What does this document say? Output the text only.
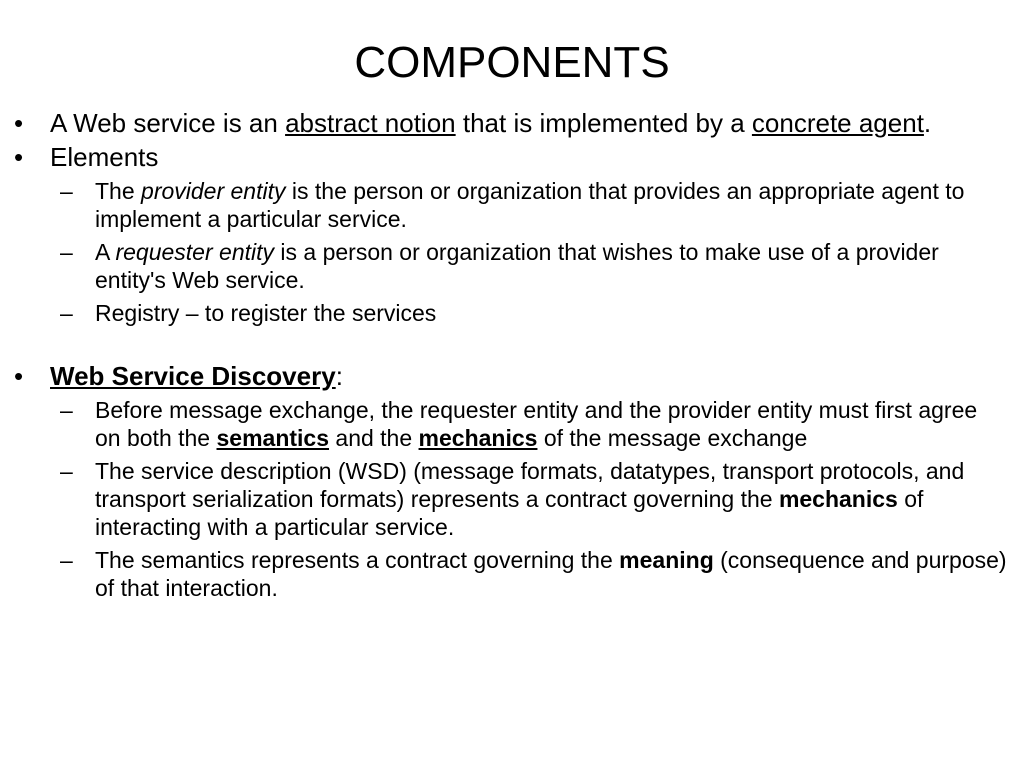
COMPONENTS
• A Web service is an abstract notion that is implemented by a concrete agent.
• Elements
– The provider entity is the person or organization that provides an appropriate agent to implement a particular service.
– A requester entity is a person or organization that wishes to make use of a provider entity's Web service.
– Registry – to register the services
• Web Service Discovery:
– Before message exchange, the requester entity and the provider entity must first agree on both the semantics and the mechanics of the message exchange
– The service description (WSD) (message formats, datatypes, transport protocols, and transport serialization formats) represents a contract governing the mechanics of interacting with a particular service.
– The semantics represents a contract governing the meaning (consequence and purpose) of that interaction.
